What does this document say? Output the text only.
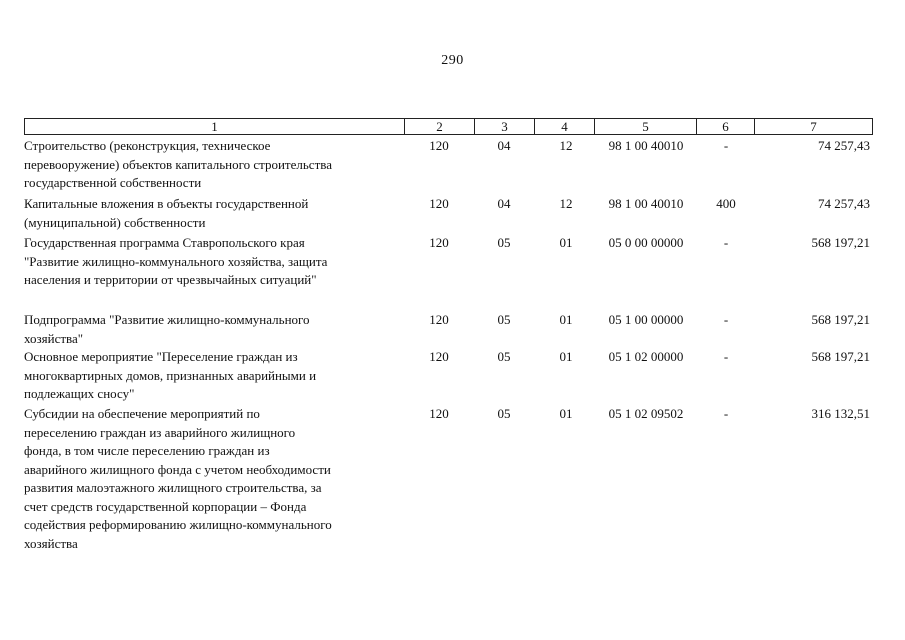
290
1	2	3	4	5	6	7
Строительство (реконструкция, техническое
перевооружение) объектов капитального строительства
государственной собственности
120	04	12	98 1 00 40010	-	74 257,43
Капитальные вложения в объекты государственной
(муниципальной) собственности
120	04	12	98 1 00 40010	400	74 257,43
Государственная программа Ставропольского края
"Развитие жилищно-коммунального хозяйства, защита
населения и территории от чрезвычайных ситуаций"
120	05	01	05 0 00 00000	-	568 197,21
Подпрограмма "Развитие жилищно-коммунального
хозяйства"
120	05	01	05 1 00 00000	-	568 197,21
Основное мероприятие "Переселение граждан из
многоквартирных домов, признанных аварийными и
подлежащих сносу"
120	05	01	05 1 02 00000	-	568 197,21
Субсидии на обеспечение мероприятий по
переселению граждан из аварийного жилищного
фонда, в том числе переселению граждан из
аварийного жилищного фонда с учетом необходимости
развития малоэтажного жилищного строительства, за
счет средств государственной корпорации – Фонда
содействия реформированию жилищно-коммунального
хозяйства
120	05	01	05 1 02 09502	-	316 132,51
